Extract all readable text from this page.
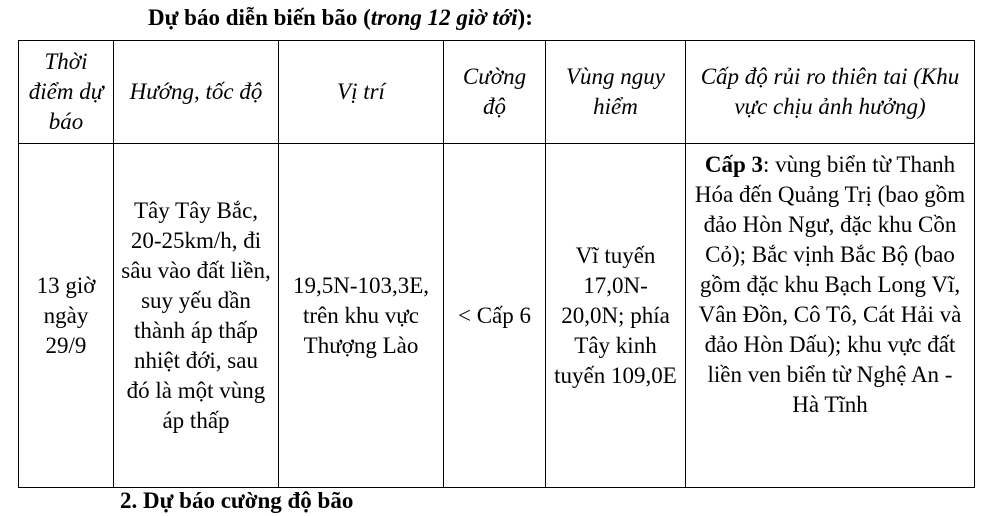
Dự báo diễn biến bão (trong 12 giờ tới):
Thời điểm dự báo	Hướng, tốc độ	Vị trí	Cường độ	Vùng nguy hiểm	Cấp độ rủi ro thiên tai (Khu vực chịu ảnh hưởng)
13 giờ ngày 29/9	Tây Tây Bắc, 20-25km/h, đi sâu vào đất liền, suy yếu dần thành áp thấp nhiệt đới, sau đó là một vùng áp thấp	19,5N-103,3E, trên khu vực Thượng Lào	< Cấp 6	Vĩ tuyến 17,0N-20,0N; phía Tây kinh tuyến 109,0E	Cấp 3: vùng biển từ Thanh Hóa đến Quảng Trị (bao gồm đảo Hòn Ngư, đặc khu Cồn Cỏ); Bắc vịnh Bắc Bộ (bao gồm đặc khu Bạch Long Vĩ, Vân Đồn, Cô Tô, Cát Hải và đảo Hòn Dấu); khu vực đất liền ven biển từ Nghệ An - Hà Tĩnh
2. Dự báo cường độ bão
